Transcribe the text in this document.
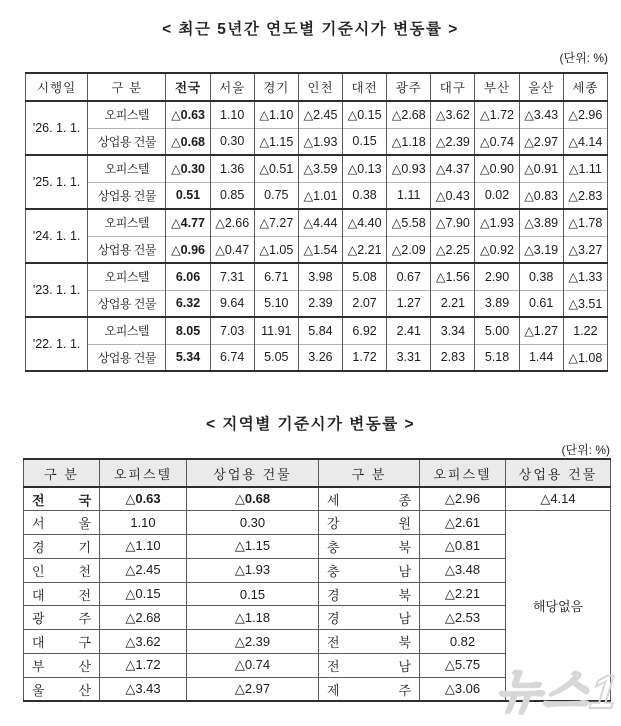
< 최근 5년간 연도별 기준시가 변동률 >
(단위: %)
시행일	구 분	전국	서울	경기	인천	대전	광주	대구	부산	울산	세종
'26. 1. 1.	오피스텔	△0.63	1.10	△1.10	△2.45	△0.15	△2.68	△3.62	△1.72	△3.43	△2.96
	상업용 건물	△0.68	0.30	△1.15	△1.93	0.15	△1.18	△2.39	△0.74	△2.97	△4.14
'25. 1. 1.	오피스텔	△0.30	1.36	△0.51	△3.59	△0.13	△0.93	△4.37	△0.90	△0.91	△1.11
	상업용 건물	0.51	0.85	0.75	△1.01	0.38	1.11	△0.43	0.02	△0.83	△2.83
'24. 1. 1.	오피스텔	△4.77	△2.66	△7.27	△4.44	△4.40	△5.58	△7.90	△1.93	△3.89	△1.78
	상업용 건물	△0.96	△0.47	△1.05	△1.54	△2.21	△2.09	△2.25	△0.92	△3.19	△3.27
'23. 1. 1.	오피스텔	6.06	7.31	6.71	3.98	5.08	0.67	△1.56	2.90	0.38	△1.33
	상업용 건물	6.32	9.64	5.10	2.39	2.07	1.27	2.21	3.89	0.61	△3.51
'22. 1. 1.	오피스텔	8.05	7.03	11.91	5.84	6.92	2.41	3.34	5.00	△1.27	1.22
	상업용 건물	5.34	6.74	5.05	3.26	1.72	3.31	2.83	5.18	1.44	△1.08
< 지역별 기준시가 변동률 >
(단위: %)
구 분	오피스텔	상업용 건물	구 분	오피스텔	상업용 건물

전 국	△0.63	△0.68	세 종	△2.96	△4.14

서 울	1.10	0.30	강 원	△2.61	해당없음

경 기	△1.10	△1.15	충 북	△0.81	

인 천	△2.45	△1.93	충 남	△3.48	

대 전	△0.15	0.15	경 북	△2.21	

광 주	△2.68	△1.18	경 남	△2.53	

대 구	△3.62	△2.39	전 북	0.82	

부 산	△1.72	△0.74	전 남	△5.75	

울 산	△3.43	△2.97	제 주	△3.06	뉴스1
